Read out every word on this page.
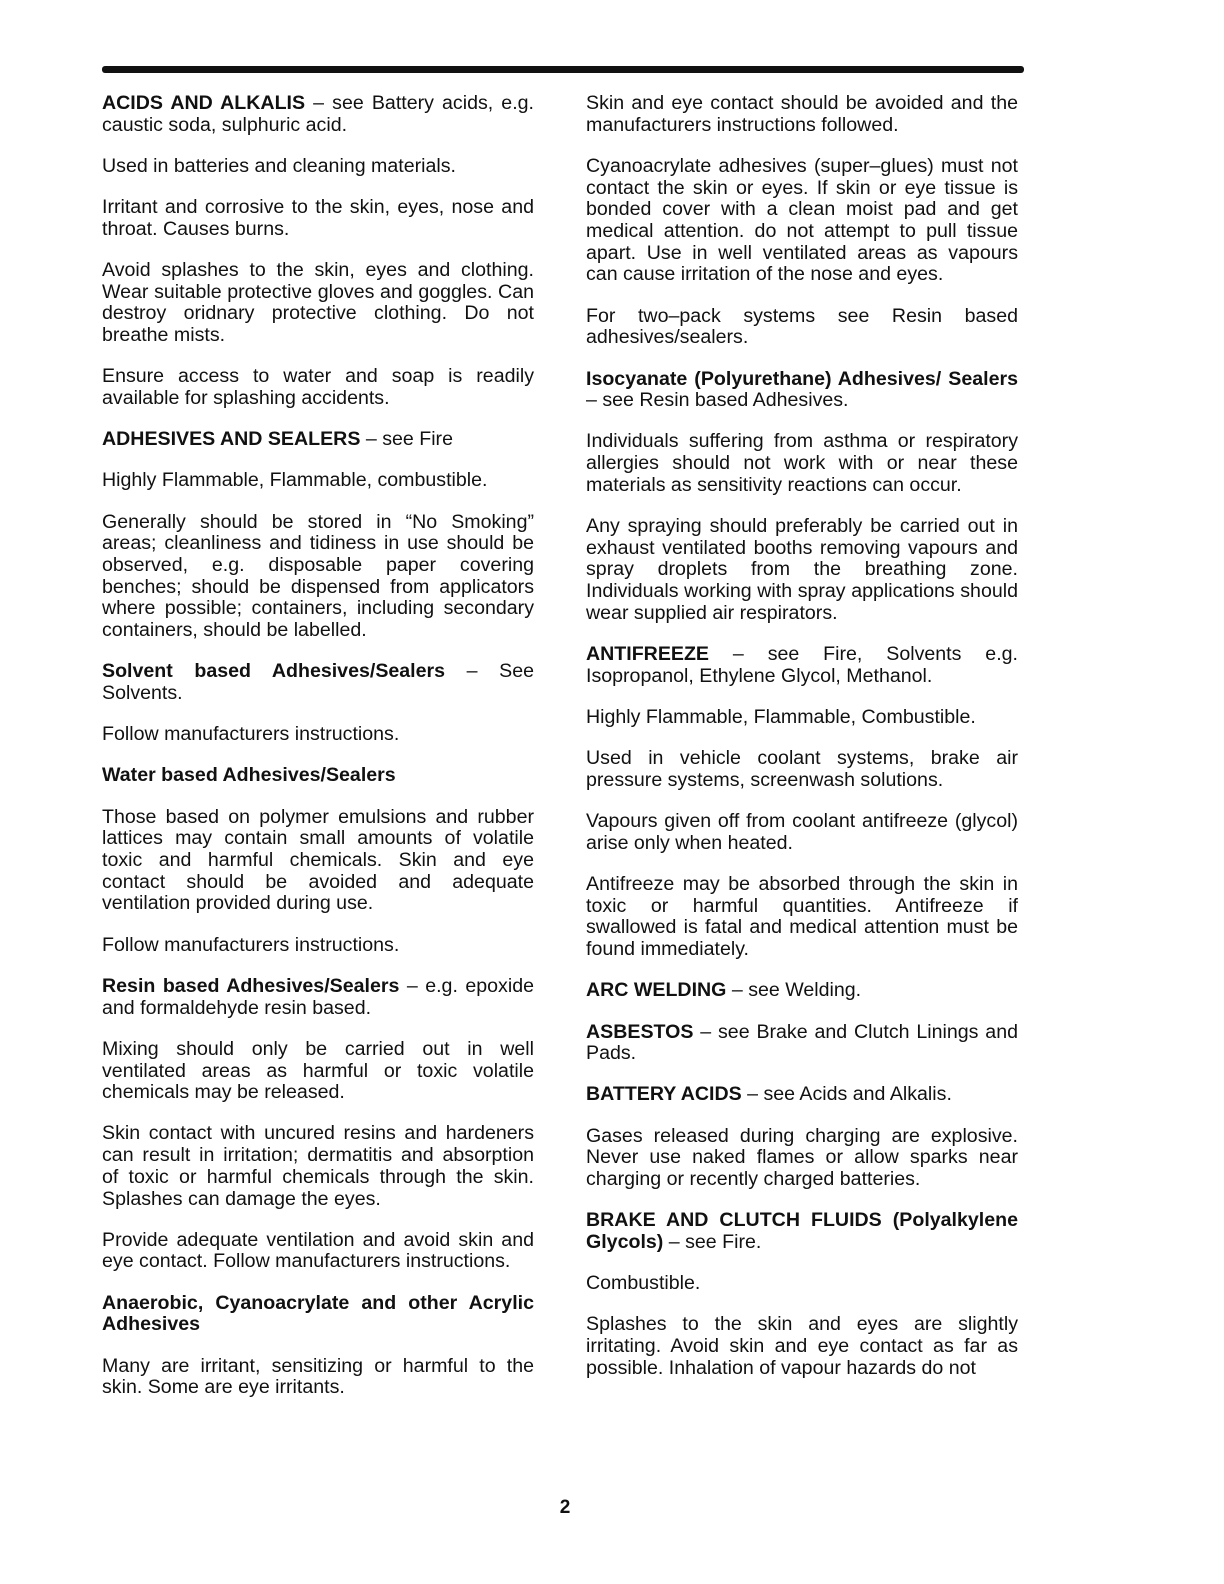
ACIDS AND ALKALIS – see Battery acids, e.g. caustic soda, sulphuric acid.

Used in batteries and cleaning materials.

Irritant and corrosive to the skin, eyes, nose and throat. Causes burns.

Avoid splashes to the skin, eyes and clothing. Wear suitable protective gloves and goggles. Can destroy oridnary protective clothing. Do not breathe mists.

Ensure access to water and soap is readily available for splashing accidents.

ADHESIVES AND SEALERS – see Fire

Highly Flammable, Flammable, combustible.

Generally should be stored in “No Smoking” areas; cleanliness and tidiness in use should be observed, e.g. disposable paper covering benches; should be dispensed from applicators where possible; containers, including secondary containers, should be labelled.

Solvent based Adhesives/Sealers – See Solvents.

Follow manufacturers instructions.

Water based Adhesives/Sealers

Those based on polymer emulsions and rubber lattices may contain small amounts of volatile toxic and harmful chemicals. Skin and eye contact should be avoided and adequate ventilation provided during use.

Follow manufacturers instructions.

Resin based Adhesives/Sealers – e.g. epoxide and formaldehyde resin based.

Mixing should only be carried out in well ventilated areas as harmful or toxic volatile chemicals may be released.

Skin contact with uncured resins and hardeners can result in irritation; dermatitis and absorption of toxic or harmful chemicals through the skin. Splashes can damage the eyes.

Provide adequate ventilation and avoid skin and eye contact. Follow manufacturers instructions.

Anaerobic, Cyanoacrylate and other Acrylic Adhesives

Many are irritant, sensitizing or harmful to the skin. Some are eye irritants.

Skin and eye contact should be avoided and the manufacturers instructions followed.

Cyanoacrylate adhesives (super–glues) must not contact the skin or eyes. If skin or eye tissue is bonded cover with a clean moist pad and get medical attention. do not attempt to pull tissue apart. Use in well ventilated areas as vapours can cause irritation of the nose and eyes.

For two–pack systems see Resin based adhesives/sealers.

Isocyanate (Polyurethane) Adhesives/ Sealers – see Resin based Adhesives.

Individuals suffering from asthma or respiratory allergies should not work with or near these materials as sensitivity reactions can occur.

Any spraying should preferably be carried out in exhaust ventilated booths removing vapours and spray droplets from the breathing zone. Individuals working with spray applications should wear supplied air respirators.

ANTIFREEZE – see Fire, Solvents e.g. Isopropanol, Ethylene Glycol, Methanol.

Highly Flammable, Flammable, Combustible.

Used in vehicle coolant systems, brake air pressure systems, screenwash solutions.

Vapours given off from coolant antifreeze (glycol) arise only when heated.

Antifreeze may be absorbed through the skin in toxic or harmful quantities. Antifreeze if swallowed is fatal and medical attention must be found immediately.

ARC WELDING – see Welding.

ASBESTOS – see Brake and Clutch Linings and Pads.

BATTERY ACIDS – see Acids and Alkalis.

Gases released during charging are explosive. Never use naked flames or allow sparks near charging or recently charged batteries.

BRAKE AND CLUTCH FLUIDS (Polyalkylene Glycols) – see Fire.

Combustible.

Splashes to the skin and eyes are slightly irritating. Avoid skin and eye contact as far as possible. Inhalation of vapour hazards do not

2
